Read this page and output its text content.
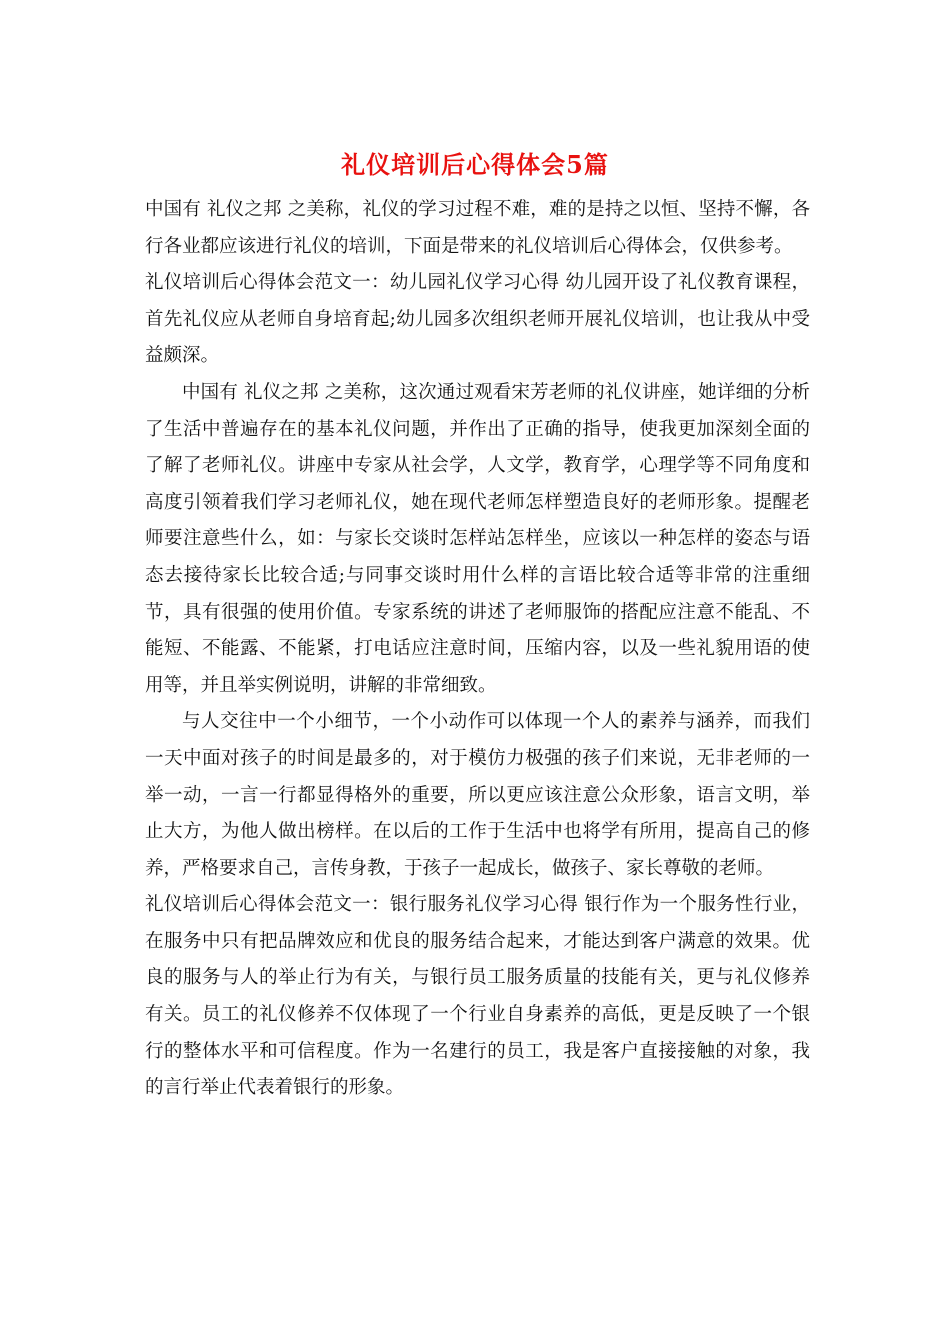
礼仪培训后心得体会5篇

中国有 礼仪之邦 之美称，礼仪的学习过程不难，难的是持之以恒、坚持不懈，各行各业都应该进行礼仪的培训，下面是带来的礼仪培训后心得体会，仅供参考。

礼仪培训后心得体会范文一：幼儿园礼仪学习心得 幼儿园开设了礼仪教育课程，首先礼仪应从老师自身培育起;幼儿园多次组织老师开展礼仪培训，也让我从中受益颇深。

中国有 礼仪之邦 之美称，这次通过观看宋芳老师的礼仪讲座，她详细的分析了生活中普遍存在的基本礼仪问题，并作出了正确的指导，使我更加深刻全面的了解了老师礼仪。讲座中专家从社会学，人文学，教育学，心理学等不同角度和高度引领着我们学习老师礼仪，她在现代老师怎样塑造良好的老师形象。提醒老师要注意些什么，如：与家长交谈时怎样站怎样坐，应该以一种怎样的姿态与语态去接待家长比较合适;与同事交谈时用什么样的言语比较合适等非常的注重细节，具有很强的使用价值。专家系统的讲述了老师服饰的搭配应注意不能乱、不能短、不能露、不能紧，打电话应注意时间，压缩内容，以及一些礼貌用语的使用等，并且举实例说明，讲解的非常细致。

与人交往中一个小细节，一个小动作可以体现一个人的素养与涵养，而我们一天中面对孩子的时间是最多的，对于模仿力极强的孩子们来说，无非老师的一举一动，一言一行都显得格外的重要，所以更应该注意公众形象，语言文明，举止大方，为他人做出榜样。在以后的工作于生活中也将学有所用，提高自己的修养，严格要求自己，言传身教，于孩子一起成长，做孩子、家长尊敬的老师。

礼仪培训后心得体会范文一：银行服务礼仪学习心得 银行作为一个服务性行业，在服务中只有把品牌效应和优良的服务结合起来，才能达到客户满意的效果。优良的服务与人的举止行为有关，与银行员工服务质量的技能有关，更与礼仪修养有关。员工的礼仪修养不仅体现了一个行业自身素养的高低，更是反映了一个银行的整体水平和可信程度。作为一名建行的员工，我是客户直接接触的对象，我的言行举止代表着银行的形象。
